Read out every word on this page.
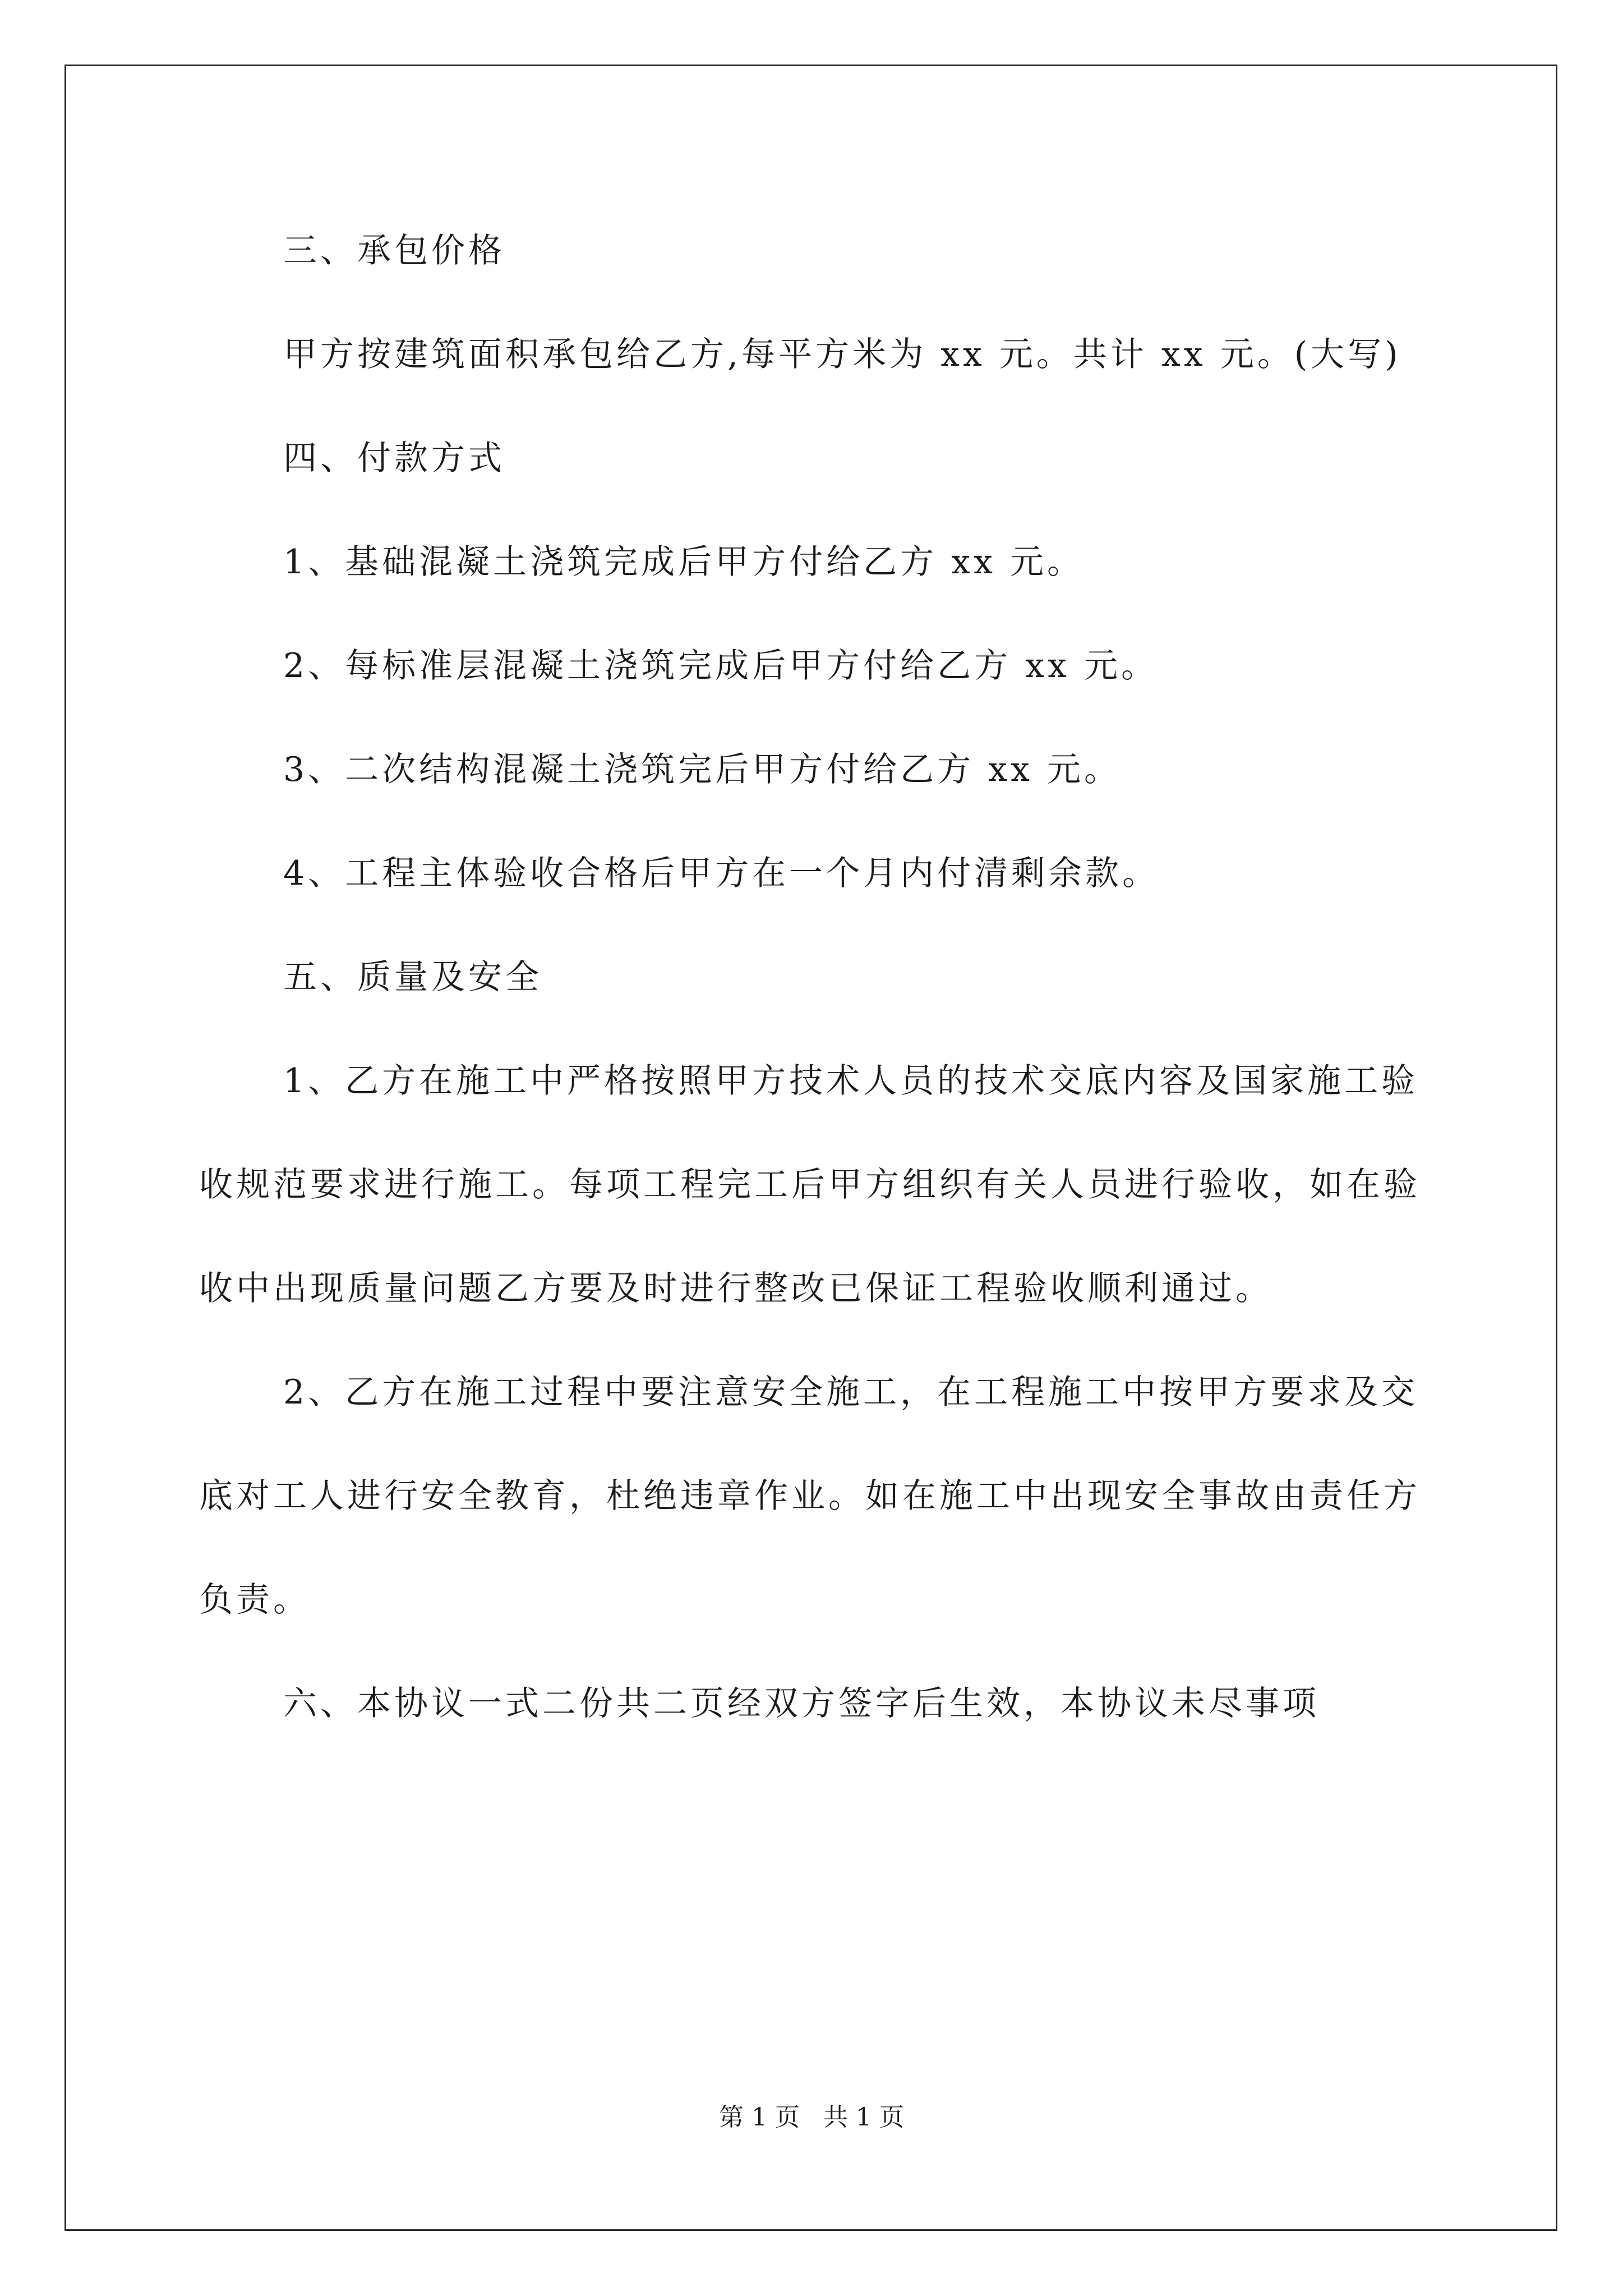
三、承包价格

甲方按建筑面积承包给乙方,每平方米为 xx 元。共计 xx 元。(大写)

四、付款方式

1、基础混凝土浇筑完成后甲方付给乙方 xx 元。

2、每标准层混凝土浇筑完成后甲方付给乙方 xx 元。

3、二次结构混凝土浇筑完后甲方付给乙方 xx 元。

4、工程主体验收合格后甲方在一个月内付清剩余款。

五、质量及安全

1、乙方在施工中严格按照甲方技术人员的技术交底内容及国家施工验收规范要求进行施工。每项工程完工后甲方组织有关人员进行验收，如在验收中出现质量问题乙方要及时进行整改已保证工程验收顺利通过。

2、乙方在施工过程中要注意安全施工，在工程施工中按甲方要求及交底对工人进行安全教育，杜绝违章作业。如在施工中出现安全事故由责任方负责。

六、本协议一式二份共二页经双方签字后生效，本协议未尽事项

第 1 页 共 1 页
